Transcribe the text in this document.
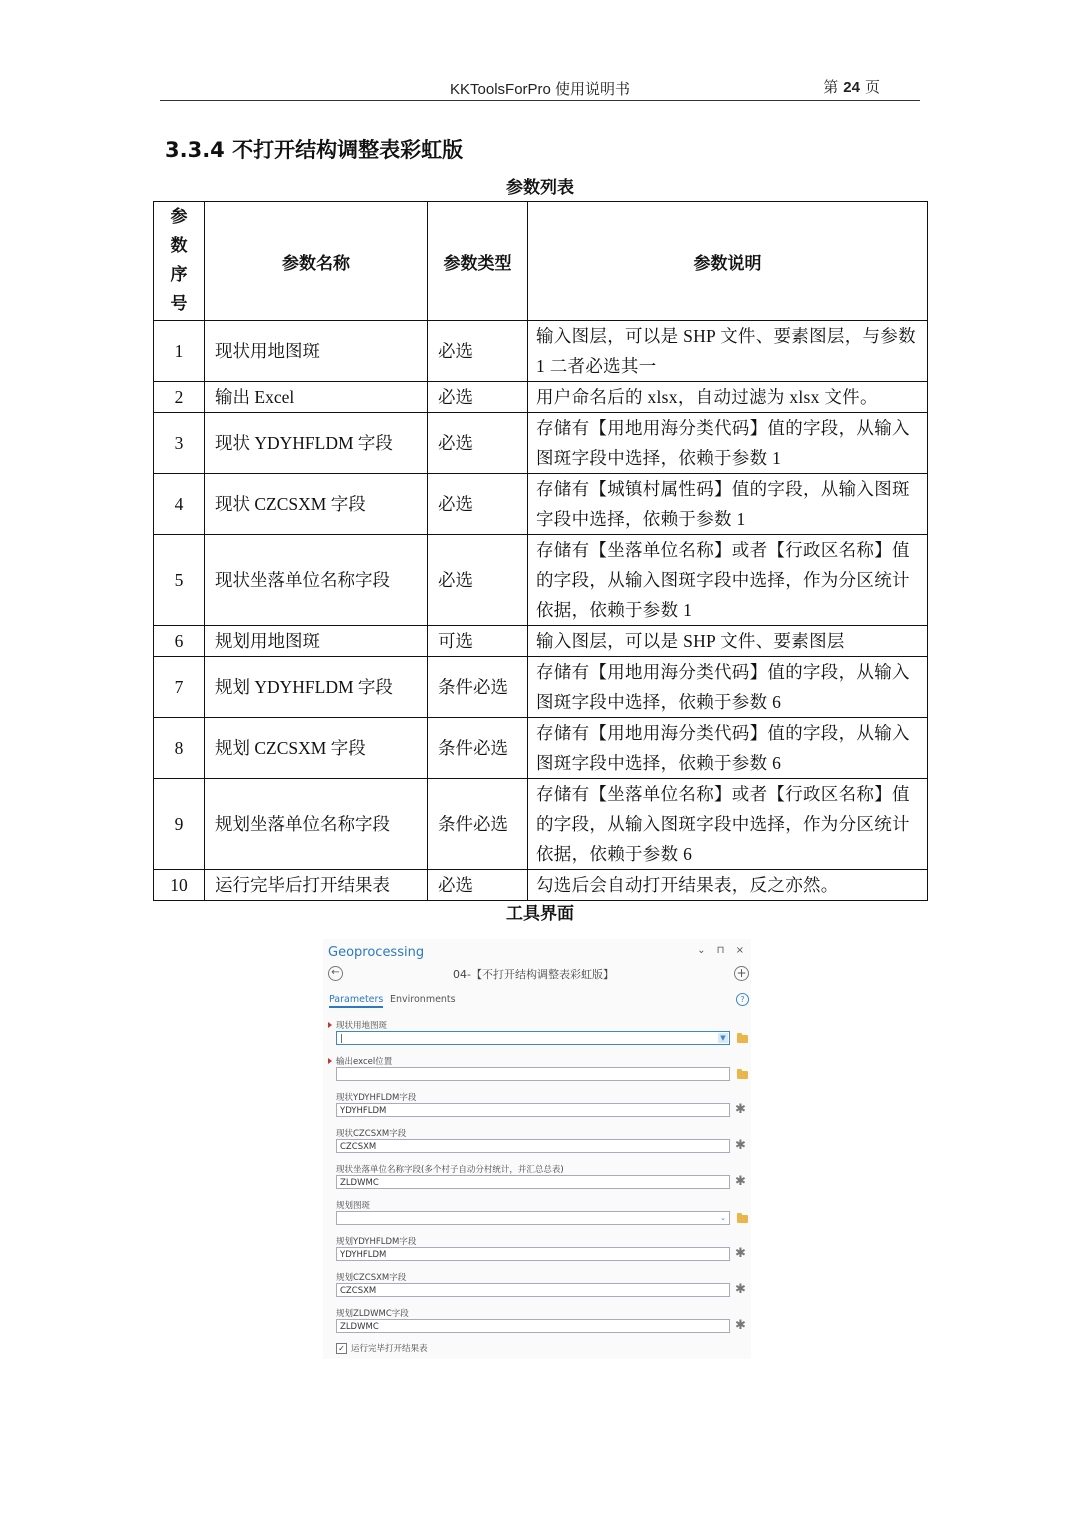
KKToolsForPro 使用说明书	第 24 页
3.3.4 不打开结构调整表彩虹版
参数列表
参数序号	参数名称	参数类型	参数说明
1	现状用地图斑	必选	输入图层，可以是 SHP 文件、要素图层，与参数 1 二者必选其一
2	输出 Excel	必选	用户命名后的 xlsx，自动过滤为 xlsx 文件。
3	现状 YDYHFLDM 字段	必选	存储有【用地用海分类代码】值的字段，从输入图斑字段中选择，依赖于参数 1
4	现状 CZCSXM 字段	必选	存储有【城镇村属性码】值的字段，从输入图斑字段中选择，依赖于参数 1
5	现状坐落单位名称字段	必选	存储有【坐落单位名称】或者【行政区名称】值的字段，从输入图斑字段中选择，作为分区统计依据，依赖于参数 1
6	规划用地图斑	可选	输入图层，可以是 SHP 文件、要素图层
7	规划 YDYHFLDM 字段	条件必选	存储有【用地用海分类代码】值的字段，从输入图斑字段中选择，依赖于参数 6
8	规划 CZCSXM 字段	条件必选	存储有【用地用海分类代码】值的字段，从输入图斑字段中选择，依赖于参数 6
9	规划坐落单位名称字段	条件必选	存储有【坐落单位名称】或者【行政区名称】值的字段，从输入图斑字段中选择，作为分区统计依据，依赖于参数 6
10	运行完毕后打开结果表	必选	勾选后会自动打开结果表，反之亦然。
工具界面
Geoprocessing	⌄ ⊓ ×
←	04-【不打开结构调整表彩虹版】	+
Parameters Environments	?
现状用地图斑
|	▼
输出excel位置
现状YDYHFLDM字段
YDYHFLDM	✱
现状CZCSXM字段
CZCSXM	✱
现状坐落单位名称字段(多个村子自动分村统计，并汇总总表)
ZLDWMC	✱
规划图斑
⌄
规划YDYHFLDM字段
YDYHFLDM	✱
规划CZCSXM字段
CZCSXM	✱
规划ZLDWMC字段
ZLDWMC	✱
✓ 运行完毕打开结果表
